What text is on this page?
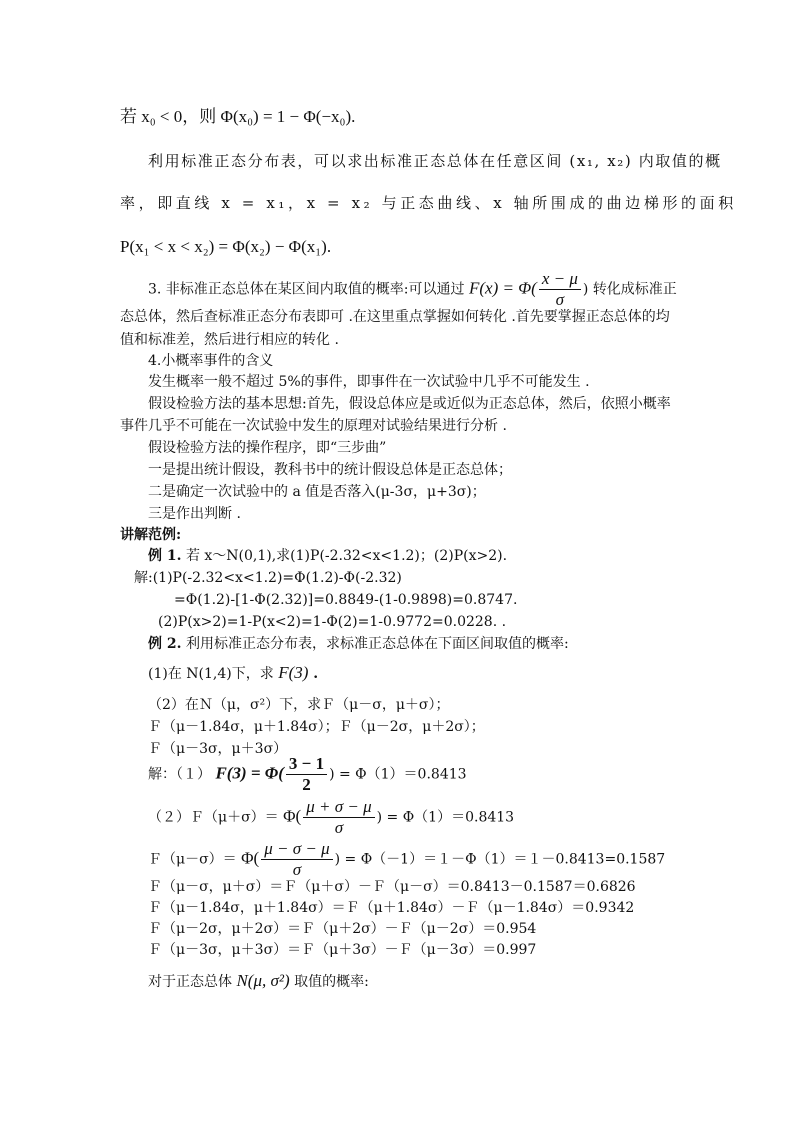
若 x₀ < 0，则 Φ(x₀) = 1 − Φ(−x₀).
利用标准正态分布表，可以求出标准正态总体在任意区间 (x₁, x₂) 内取值的概
率，即直线 x = x₁，x = x₂ 与正态曲线、x 轴所围成的曲边梯形的面积
P(x₁ < x < x₂) = Φ(x₂) − Φ(x₁).
3. 非标准正态总体在某区间内取值的概率:可以通过 $F(x) = \Phi( \frac{x - \mu}{\sigma}$ ) 转化成标准正
态总体，然后查标准正态分布表即可 .在这里重点掌握如何转化 .首先要掌握正态总体的均
值和标准差，然后进行相应的转化 .
4.小概率事件的含义
发生概率一般不超过 5%的事件，即事件在一次试验中几乎不可能发生 .
假设检验方法的基本思想:首先，假设总体应是或近似为正态总体，然后，依照小概率
事件几乎不可能在一次试验中发生的原理对试验结果进行分析 .
假设检验方法的操作程序，即“三步曲”
一是提出统计假设，教科书中的统计假设总体是正态总体；
二是确定一次试验中的 a 值是否落入(μ-3σ，μ+3σ)；
三是作出判断 .
讲解范例:
例 1. 若 x～N(0,1),求(1)P(-2.32<x<1.2)；(2)P(x>2).
解:(1)P(-2.32<x<1.2)=Φ(1.2)-Φ(-2.32)
=Φ(1.2)-[1-Φ(2.32)]=0.8849-(1-0.9898)=0.8747.
(2)P(x>2)=1-P(x<2)=1-Φ(2)=1-0.9772=0.0228. .
例 2. 利用标准正态分布表，求标准正态总体在下面区间取值的概率:
(1)在 N(1,4)下，求 F(3) .
（2）在Ｎ（μ，σ²）下，求Ｆ（μ－σ，μ＋σ）；
Ｆ（μ－1.84σ，μ＋1.84σ）；Ｆ（μ－2σ，μ＋2σ）；
Ｆ（μ－3σ，μ＋3σ）
解：（１） $F(3) = \Phi( \frac{3 - 1}{2}$ ) = Φ（1）＝0.8413
（２）Ｆ（μ＋σ）＝ $\Phi( \frac{\mu + \sigma - \mu}{\sigma}$ ) = Φ（1）＝0.8413
Ｆ（μ－σ）＝ $\Phi( \frac{\mu - \sigma - \mu}{\sigma}$ ) = Φ（－1）＝１－Φ（1）＝１－0.8413=0.1587
Ｆ（μ－σ，μ＋σ）＝Ｆ（μ＋σ）－Ｆ（μ－σ）＝0.8413－0.1587＝0.6826
Ｆ（μ－1.84σ，μ＋1.84σ）＝Ｆ（μ＋1.84σ）－Ｆ（μ－1.84σ）＝0.9342
Ｆ（μ－2σ，μ＋2σ）＝Ｆ（μ＋2σ）－Ｆ（μ－2σ）＝0.954
Ｆ（μ－3σ，μ＋3σ）＝Ｆ（μ＋3σ）－Ｆ（μ－3σ）＝0.997
对于正态总体 N(μ, σ²) 取值的概率:
